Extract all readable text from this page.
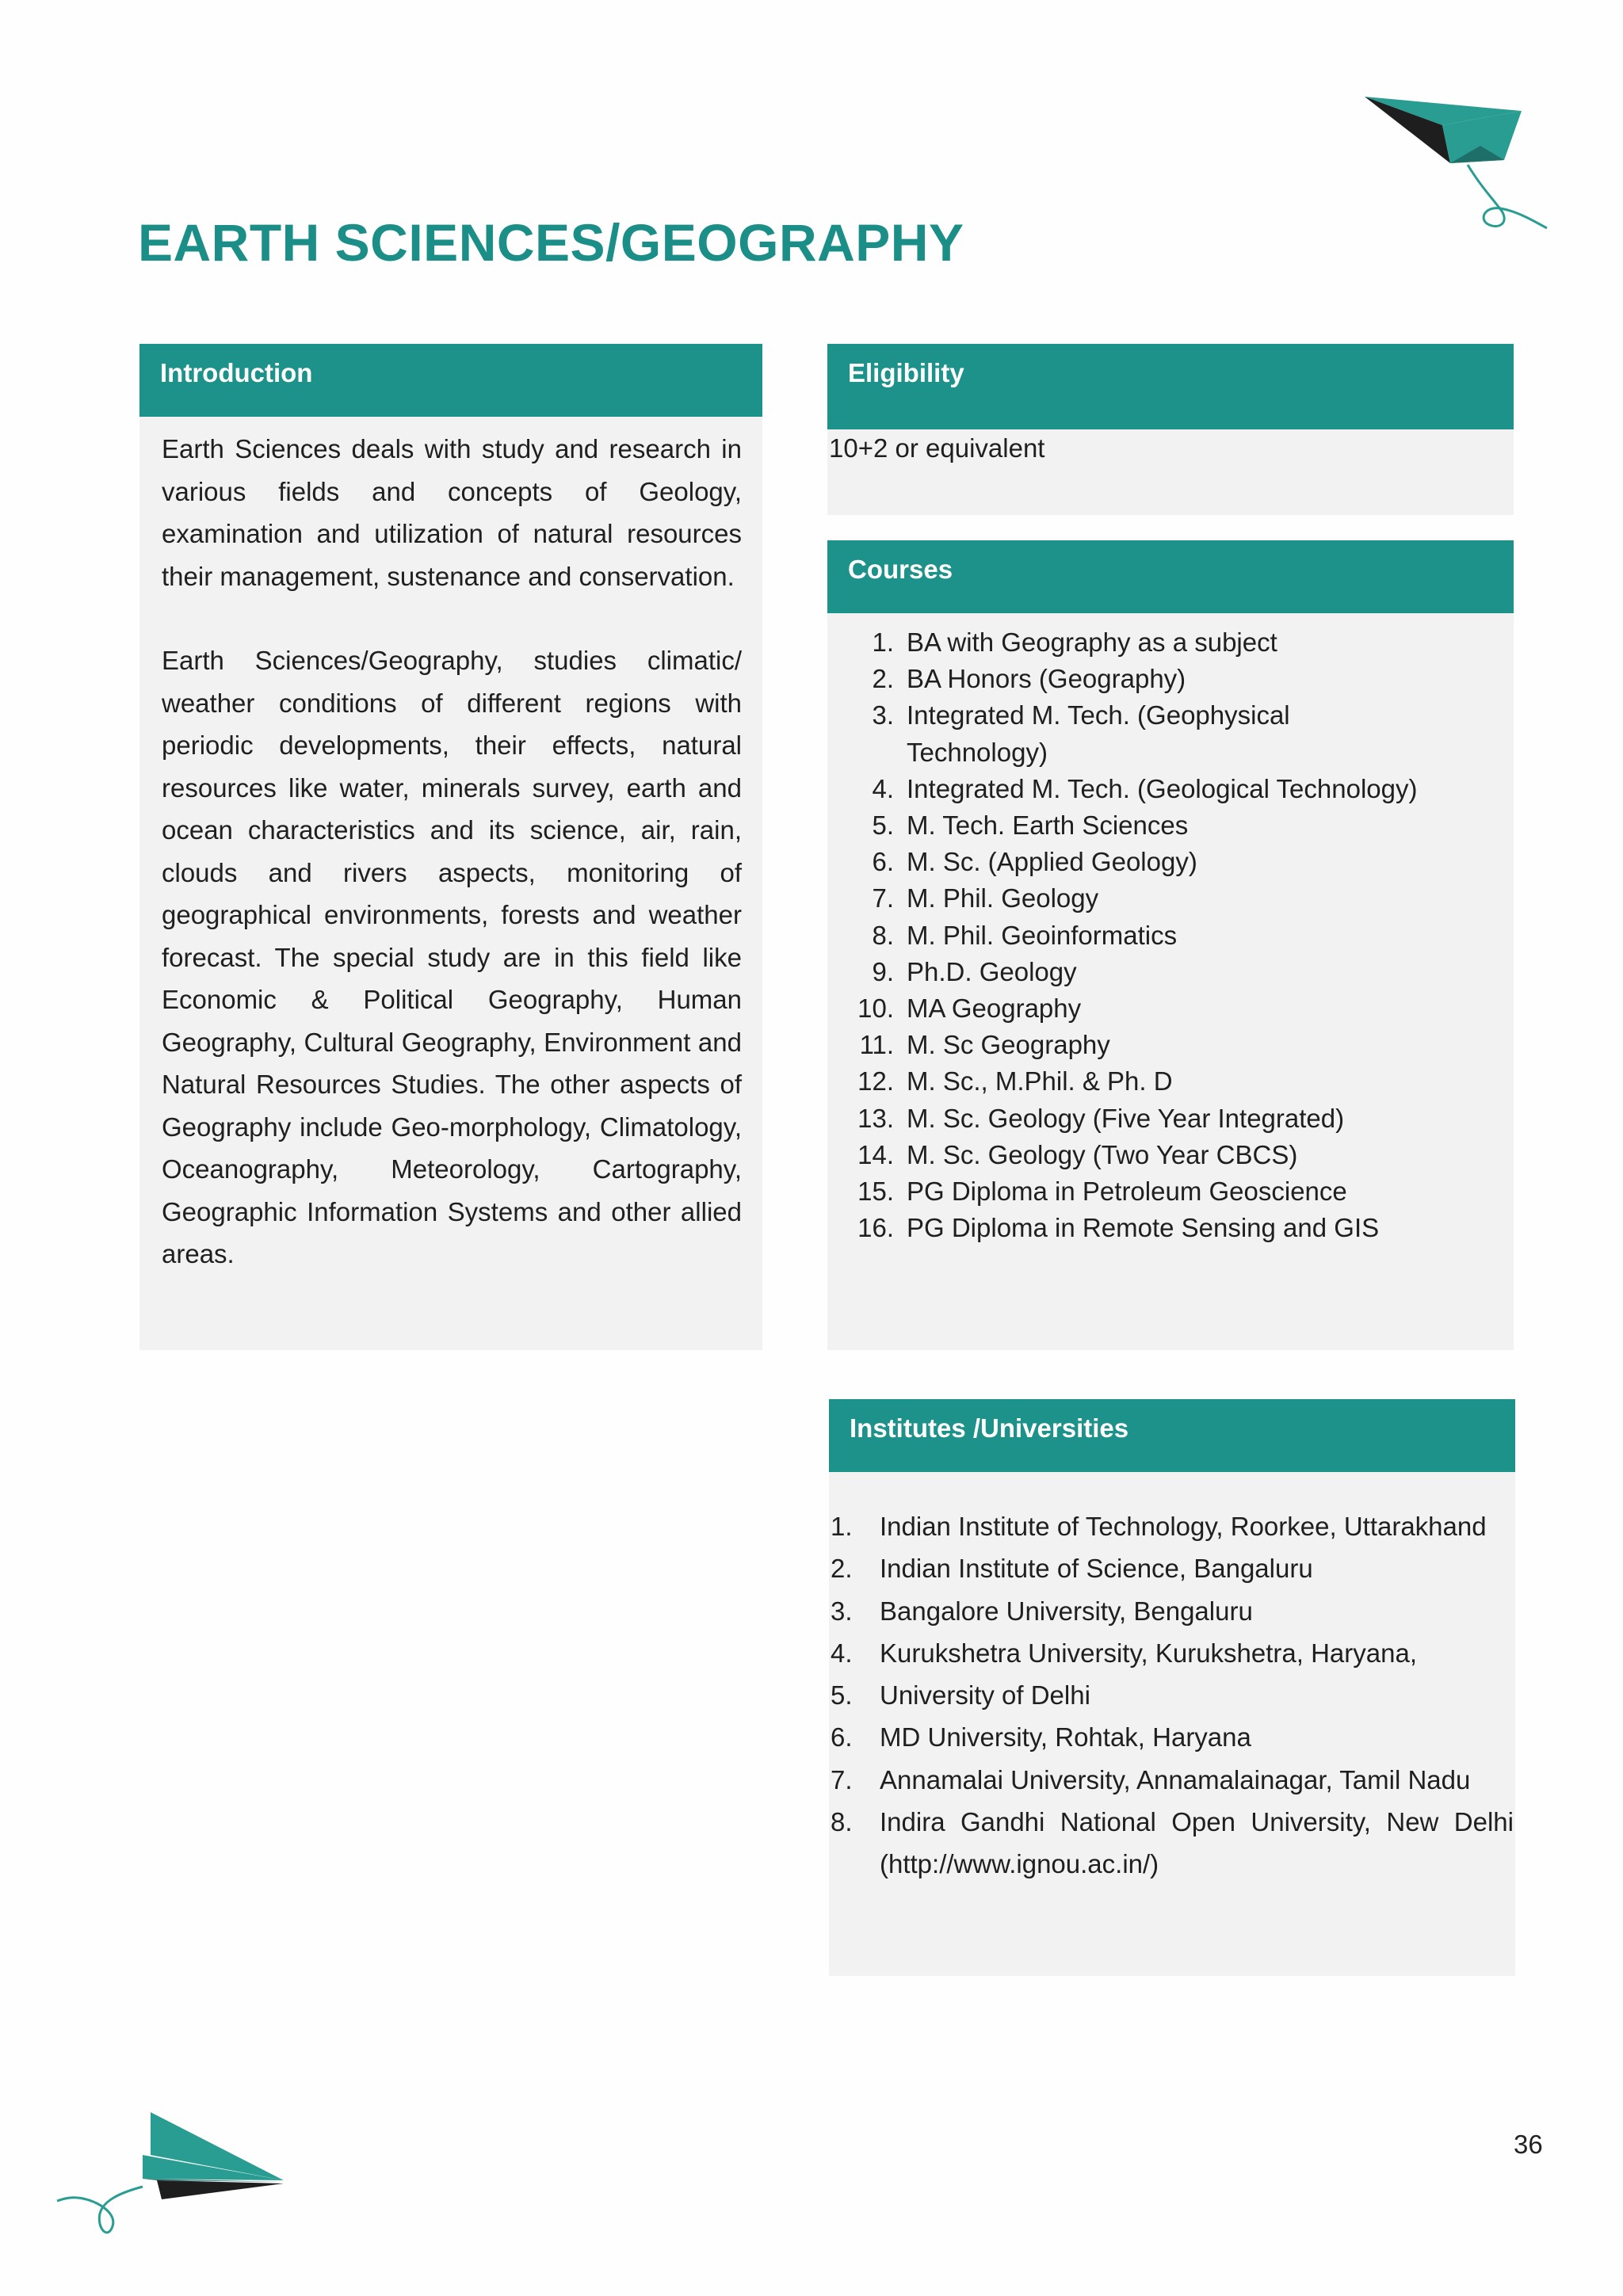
EARTH SCIENCES/GEOGRAPHY
Introduction

Earth Sciences deals with study and research in various fields and concepts of Geology, examination and utilization of natural resources their management, sustenance and conservation.

Earth Sciences/Geography, studies climatic/ weather conditions of different regions with periodic developments, their effects, natural resources like water, minerals survey, earth and ocean characteristics and its science, air, rain, clouds and rivers aspects, monitoring of geographical environments, forests and weather forecast. The special study are in this field like Economic & Political Geography, Human Geography, Cultural Geography, Environment and Natural Resources Studies. The other aspects of Geography include Geo-morphology, Climatology, Oceanography, Meteorology, Cartography, Geographic Information Systems and other allied areas.

Eligibility
10+2 or equivalent
Courses
1. BA with Geography as a subject
2. BA Honors (Geography)
3. Integrated M. Tech. (Geophysical Technology)
4. Integrated M. Tech. (Geological Technology)
5. M. Tech. Earth Sciences
6. M. Sc. (Applied Geology)
7. M. Phil. Geology
8. M. Phil. Geoinformatics
9. Ph.D. Geology
10. MA Geography
11. M. Sc Geography
12. M. Sc., M.Phil. & Ph. D
13. M. Sc. Geology (Five Year Integrated)
14. M. Sc. Geology (Two Year CBCS)
15. PG Diploma in Petroleum Geoscience
16. PG Diploma in Remote Sensing and GIS
Institutes /Universities
1. Indian Institute of Technology, Roorkee, Uttarakhand
2. Indian Institute of Science, Bangaluru
3. Bangalore University, Bengaluru
4. Kurukshetra University, Kurukshetra, Haryana,
5. University of Delhi
6. MD University, Rohtak, Haryana
7. Annamalai University, Annamalainagar, Tamil Nadu
8. Indira Gandhi National Open University, New Delhi (http://www.ignou.ac.in/)
36
